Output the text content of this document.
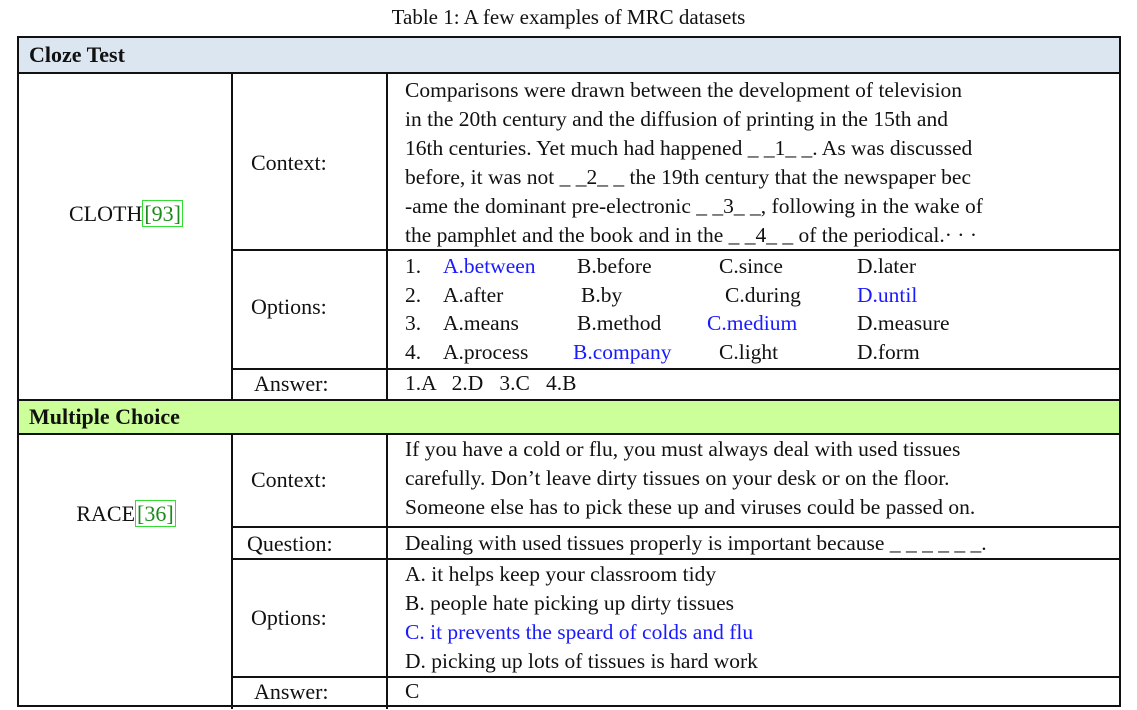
Table 1: A few examples of MRC datasets
Cloze Test
CLOTH[93]
Context:
Comparisons were drawn between the development of television
in the 20th century and the diffusion of printing in the 15th and
16th centuries. Yet much had happened _ _1_ _. As was discussed
before, it was not _ _2_ _ the 19th century that the newspaper bec
-ame the dominant pre-electronic _ _3_ _, following in the wake of
the pamphlet and the book and in the _ _4_ _ of the periodical.· · ·
Options:
1. A.between B.before	C.since	D.later
2. A.after	B.by	C.during	D.until
3. A.means	B.method C.medium	D.measure
4. A.process B.company C.light	D.form
Answer:	1.A   2.D   3.C   4.B
Multiple Choice
RACE[36]
Context:
If you have a cold or flu, you must always deal with used tissues
carefully. Don’t leave dirty tissues on your desk or on the floor.
Someone else has to pick these up and viruses could be passed on.
Question:	Dealing with used tissues properly is important because _ _ _ _ _ _.
Options:
A. it helps keep your classroom tidy
B. people hate picking up dirty tissues
C. it prevents the speard of colds and flu
D. picking up lots of tissues is hard work
Answer:	C
